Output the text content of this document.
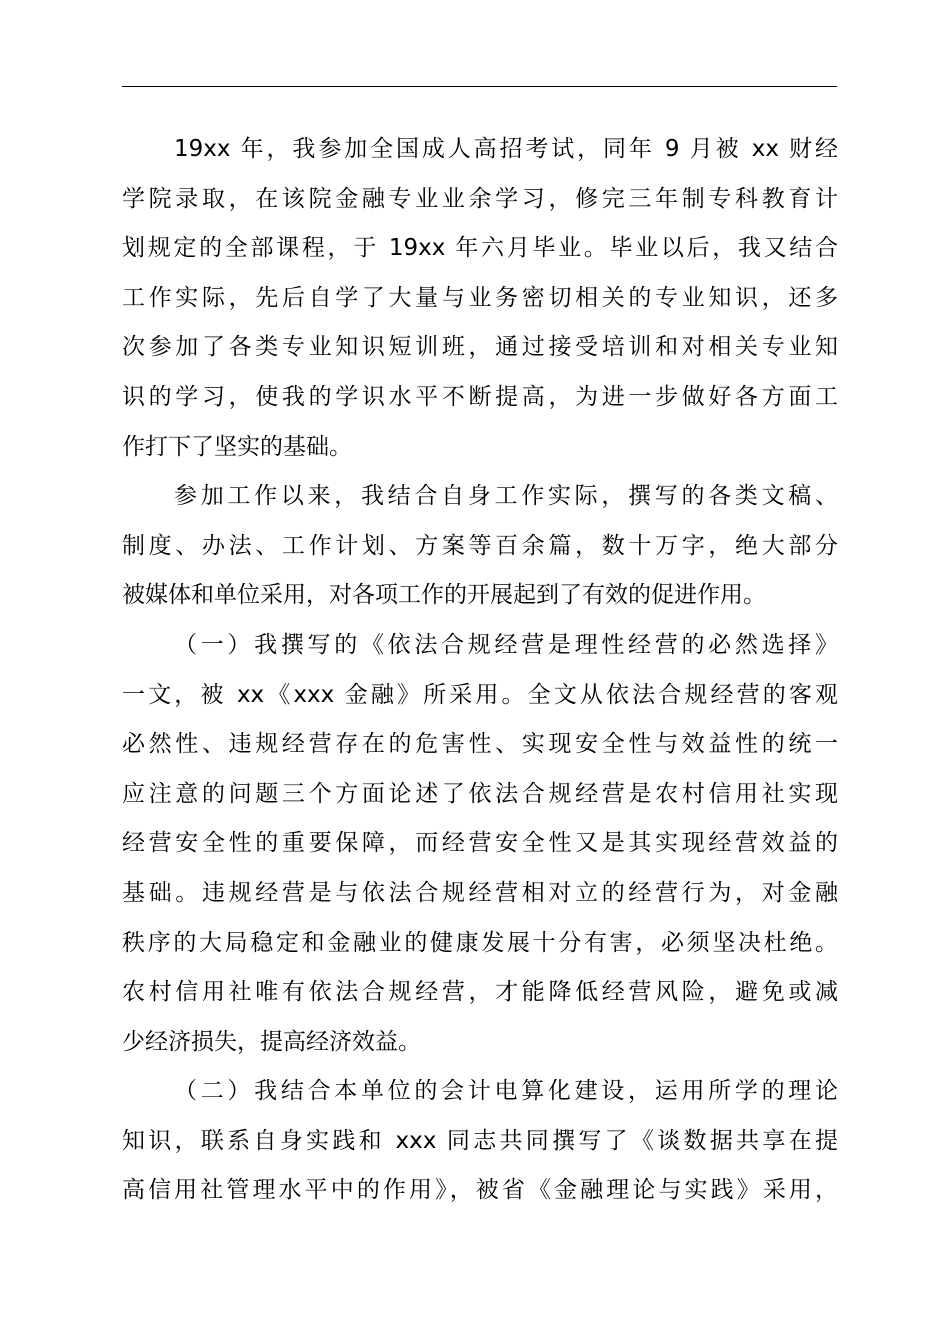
19xx 年，我参加全国成人高招考试，同年 9 月被 xx 财经
学院录取，在该院金融专业业余学习，修完三年制专科教育计
划规定的全部课程，于 19xx 年六月毕业。毕业以后，我又结合
工作实际，先后自学了大量与业务密切相关的专业知识，还多
次参加了各类专业知识短训班，通过接受培训和对相关专业知
识的学习，使我的学识水平不断提高，为进一步做好各方面工
作打下了坚实的基础。
参加工作以来，我结合自身工作实际，撰写的各类文稿、
制度、办法、工作计划、方案等百余篇，数十万字，绝大部分
被媒体和单位采用，对各项工作的开展起到了有效的促进作用。
（一）我撰写的《依法合规经营是理性经营的必然选择》
一文，被 xx《xxx 金融》所采用。全文从依法合规经营的客观
必然性、违规经营存在的危害性、实现安全性与效益性的统一
应注意的问题三个方面论述了依法合规经营是农村信用社实现
经营安全性的重要保障，而经营安全性又是其实现经营效益的
基础。违规经营是与依法合规经营相对立的经营行为，对金融
秩序的大局稳定和金融业的健康发展十分有害，必须坚决杜绝。
农村信用社唯有依法合规经营，才能降低经营风险，避免或减
少经济损失，提高经济效益。
（二）我结合本单位的会计电算化建设，运用所学的理论
知识，联系自身实践和 xxx 同志共同撰写了《谈数据共享在提
高信用社管理水平中的作用》，被省《金融理论与实践》采用，
